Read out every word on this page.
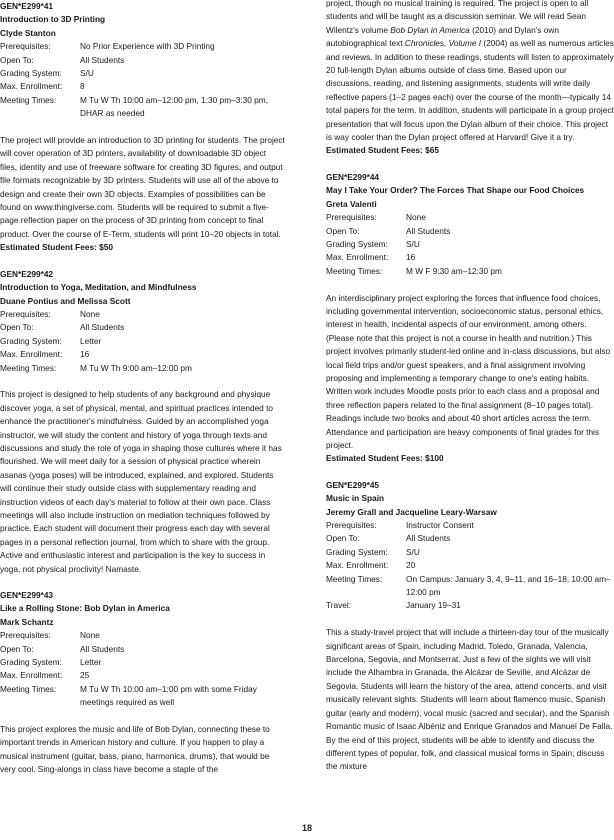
GEN*E299*41
Introduction to 3D Printing
Clyde Stanton
Prerequisites:	No Prior Experience with 3D Printing
Open To:	All Students
Grading System:	S/U
Max. Enrollment:	8
Meeting Times:	M Tu W Th 10:00 am–12:00 pm, 1:30 pm–3:30 pm, DHAR as needed

The project will provide an introduction to 3D printing for students. The project will cover operation of 3D printers, availability of downloadable 3D object files, identity and use of freeware software for creating 3D figures, and output file formats recognizable by 3D printers. Students will use all of the above to design and create their own 3D objects. Examples of possibilities can be found on www.thingiverse.com. Students will be required to submit a five-page reflection paper on the process of 3D printing from concept to final product. Over the course of E-Term, students will print 10–20 objects in total.

Estimated Student Fees: $50
GEN*E299*42
Introduction to Yoga, Meditation, and Mindfulness
Duane Pontius and Melissa Scott
Prerequisites:	None
Open To:	All Students
Grading System:	Letter
Max. Enrollment:	16
Meeting Times:	M Tu W Th 9:00 am–12:00 pm

This project is designed to help students of any background and physique discover yoga, a set of physical, mental, and spiritual practices intended to enhance the practitioner's mindfulness. Guided by an accomplished yoga instructor, we will study the content and history of yoga through texts and discussions and study the role of yoga in shaping those cultures where it has flourished. We will meet daily for a session of physical practice wherein asanas (yoga poses) will be introduced, explained, and explored. Students will continue their study outside class with supplementary reading and instruction videos of each day's material to follow at their own pace. Class meetings will also include instruction on mediation techniques followed by practice. Each student will document their progress each day with several pages in a personal reflection journal, from which to share with the group. Active and enthusiastic interest and participation is the key to success in yoga, not physical proclivity! Namaste.

GEN*E299*43
Like a Rolling Stone: Bob Dylan in America
Mark Schantz
Prerequisites:	None
Open To:	All Students
Grading System:	Letter
Max. Enrollment:	25
Meeting Times:	M Tu W Th 10:00 am–1:00 pm with some Friday meetings required as well

This project explores the music and life of Bob Dylan, connecting these to important trends in American history and culture. If you happen to play a musical instrument (guitar, bass, piano, harmonica, drums), that would be very cool. Sing-alongs in class have become a staple of the

project, though no musical training is required. The project is open to all students and will be taught as a discussion seminar. We will read Sean Wilentz's volume Bob Dylan in America (2010) and Dylan's own autobiographical text Chronicles, Volume I (2004) as well as numerous articles and reviews. In addition to these readings, students will listen to approximately 20 full-length Dylan albums outside of class time. Based upon our discussions, reading, and listening assignments, students will write daily reflective papers (1–2 pages each) over the course of the month—typically 14 total papers for the term. In addition, students will participate in a group project presentation that will focus upon the Dylan album of their choice. This project is way cooler than the Dylan project offered at Harvard! Give it a try.

Estimated Student Fees: $65
GEN*E299*44
May I Take Your Order? The Forces That Shape our Food Choices
Greta Valenti
Prerequisites:	None
Open To:	All Students
Grading System:	S/U
Max. Enrollment:	16
Meeting Times:	M W F 9:30 am–12:30 pm

An interdisciplinary project exploring the forces that influence food choices, including governmental intervention, socioeconomic status, personal ethics, interest in health, incidental aspects of our environment, among others. (Please note that this project is not a course in health and nutrition.) This project involves primarily student-led online and in-class discussions, but also local field trips and/or guest speakers, and a final assignment involving proposing and implementing a temporary change to one's eating habits. Written work includes Moodle posts prior to each class and a proposal and three reflection papers related to the final assignment (8–10 pages total). Readings include two books and about 40 short articles across the term. Attendance and participation are heavy components of final grades for this project.

Estimated Student Fees: $100
GEN*E299*45
Music in Spain
Jeremy Grall and Jacqueline Leary-Warsaw
Prerequisites:	Instructor Consent
Open To:	All Students
Grading System:	S/U
Max. Enrollment:	20
Meeting Times:	On Campus: January 3, 4, 9–11, and 16–18, 10:00 am–12:00 pm
Travel:	January 19–31

This a study-travel project that will include a thirteen-day tour of the musically significant areas of Spain, including Madrid, Toledo, Granada, Valencia, Barcelona, Segovia, and Montserrat. Just a few of the sights we will visit include the Alhambra in Granada, the Alcázar de Seville, and Alcázar de Segovia. Students will learn the history of the area, attend concerts, and visit musically relevant sights. Students will learn about flamenco music, Spanish guitar (early and modern), vocal music (sacred and secular), and the Spanish Romantic music of Isaac Albéniz and Enrique Granados and Manuel De Falla. By the end of this project, students will be able to identify and discuss the different types of popular, folk, and classical musical forms in Spain; discuss the mixture

18
